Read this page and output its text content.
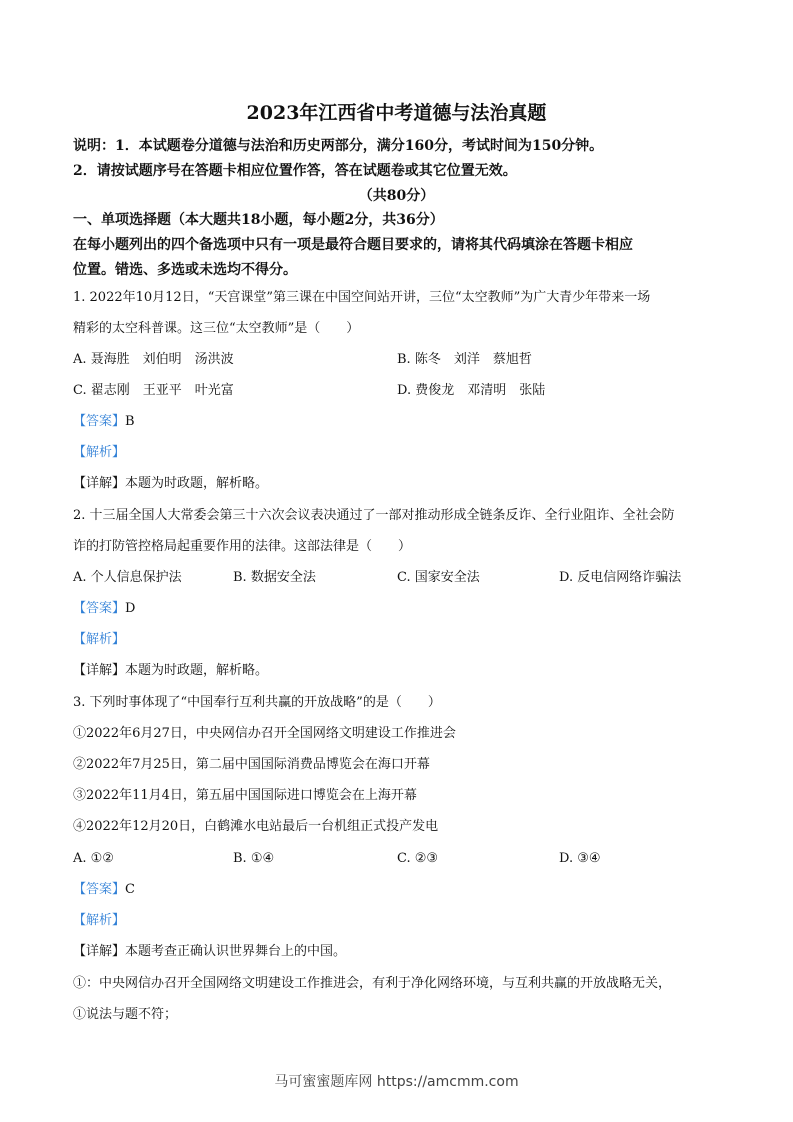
2023年江西省中考道德与法治真题
说明：1．本试题卷分道德与法治和历史两部分，满分160分，考试时间为150分钟。
2．请按试题序号在答题卡相应位置作答，答在试题卷或其它位置无效。
（共80分）
一、单项选择题（本大题共18小题，每小题2分，共36分）
在每小题列出的四个备选项中只有一项是最符合题目要求的，请将其代码填涂在答题卡相应
位置。错选、多选或未选均不得分。
1. 2022年10月12日，“天宫课堂”第三课在中国空间站开讲，三位“太空教师”为广大青少年带来一场
精彩的太空科普课。这三位“太空教师”是（　　）
A. 聂海胜　刘伯明　汤洪波	B. 陈冬　刘洋　蔡旭哲
C. 翟志刚　王亚平　叶光富	D. 费俊龙　邓清明　张陆
【答案】B
【解析】
【详解】本题为时政题，解析略。
2. 十三届全国人大常委会第三十六次会议表决通过了一部对推动形成全链条反诈、全行业阻诈、全社会防
诈的打防管控格局起重要作用的法律。这部法律是（　　）
A. 个人信息保护法	B. 数据安全法	C. 国家安全法	D. 反电信网络诈骗法
【答案】D
【解析】
【详解】本题为时政题，解析略。
3. 下列时事体现了“中国奉行互利共赢的开放战略”的是（　　）
①2022年6月27日，中央网信办召开全国网络文明建设工作推进会
②2022年7月25日，第二届中国国际消费品博览会在海口开幕
③2022年11月4日，第五届中国国际进口博览会在上海开幕
④2022年12月20日，白鹤滩水电站最后一台机组正式投产发电
A. ①②	B. ①④	C. ②③	D. ③④
【答案】C
【解析】
【详解】本题考查正确认识世界舞台上的中国。
①：中央网信办召开全国网络文明建设工作推进会，有利于净化网络环境，与互利共赢的开放战略无关，
①说法与题不符；
马可蜜蜜题库网 https://amcmm.com
